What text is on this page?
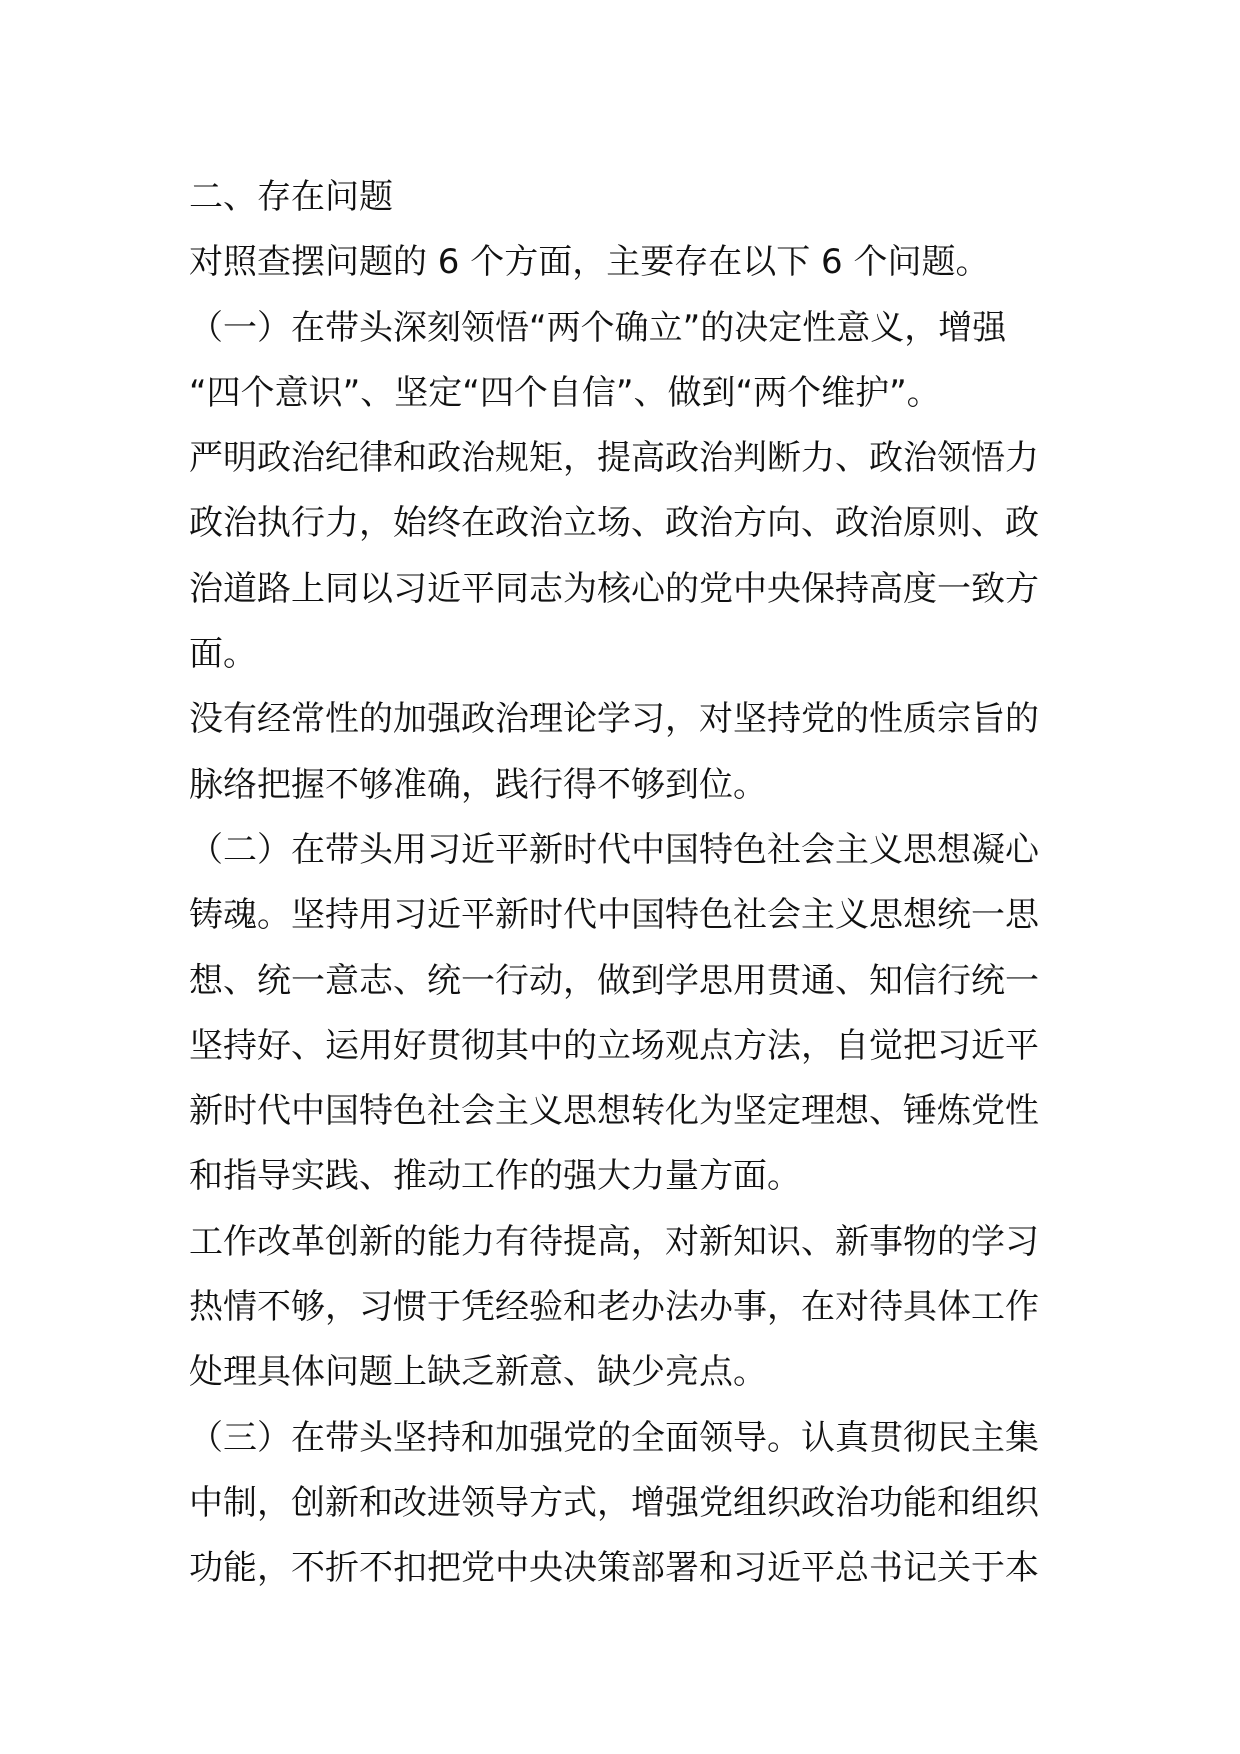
二、存在问题
对照查摆问题的 6 个方面，主要存在以下 6 个问题。
（一）在带头深刻领悟“两个确立”的决定性意义，增强
“四个意识”、坚定“四个自信”、做到“两个维护”。
严明政治纪律和政治规矩，提高政治判断力、政治领悟力
政治执行力，始终在政治立场、政治方向、政治原则、政
治道路上同以习近平同志为核心的党中央保持高度一致方
面。
没有经常性的加强政治理论学习，对坚持党的性质宗旨的
脉络把握不够准确，践行得不够到位。
（二）在带头用习近平新时代中国特色社会主义思想凝心
铸魂。坚持用习近平新时代中国特色社会主义思想统一思
想、统一意志、统一行动，做到学思用贯通、知信行统一
坚持好、运用好贯彻其中的立场观点方法，自觉把习近平
新时代中国特色社会主义思想转化为坚定理想、锤炼党性
和指导实践、推动工作的强大力量方面。
工作改革创新的能力有待提高，对新知识、新事物的学习
热情不够，习惯于凭经验和老办法办事，在对待具体工作
处理具体问题上缺乏新意、缺少亮点。
（三）在带头坚持和加强党的全面领导。认真贯彻民主集
中制，创新和改进领导方式，增强党组织政治功能和组织
功能，不折不扣把党中央决策部署和习近平总书记关于本
